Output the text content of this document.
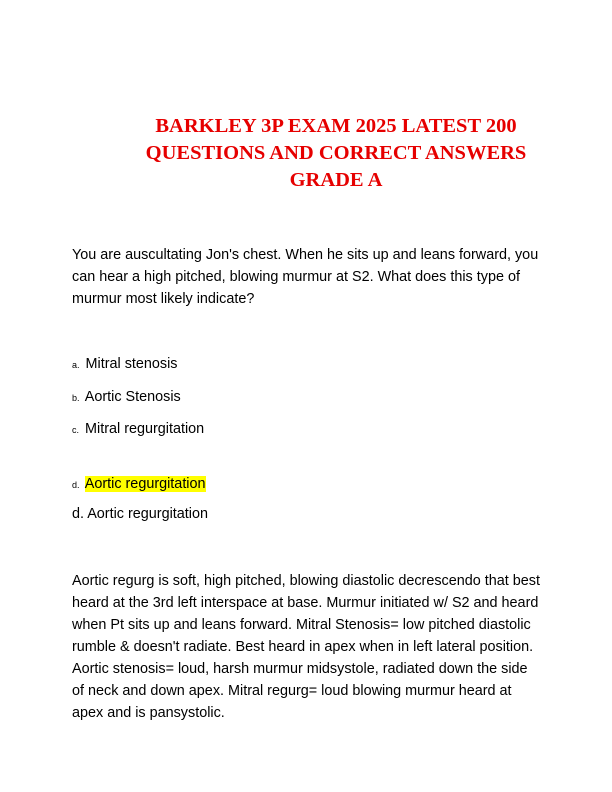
BARKLEY 3P EXAM 2025 LATEST 200
QUESTIONS AND CORRECT ANSWERS
GRADE A
You are auscultating Jon's chest. When he sits up and leans forward, you can hear a high pitched, blowing murmur at S2. What does this type of murmur most likely indicate?
a. Mitral stenosis
b. Aortic Stenosis
c. Mitral regurgitation
d. Aortic regurgitation
d. Aortic regurgitation
Aortic regurg is soft, high pitched, blowing diastolic decrescendo that best heard at the 3rd left interspace at base. Murmur initiated w/ S2 and heard when Pt sits up and leans forward. Mitral Stenosis= low pitched diastolic rumble & doesn't radiate. Best heard in apex when in left lateral position. Aortic stenosis= loud, harsh murmur midsystole, radiated down the side of neck and down apex. Mitral regurg= loud blowing murmur heard at apex and is pansystolic.
